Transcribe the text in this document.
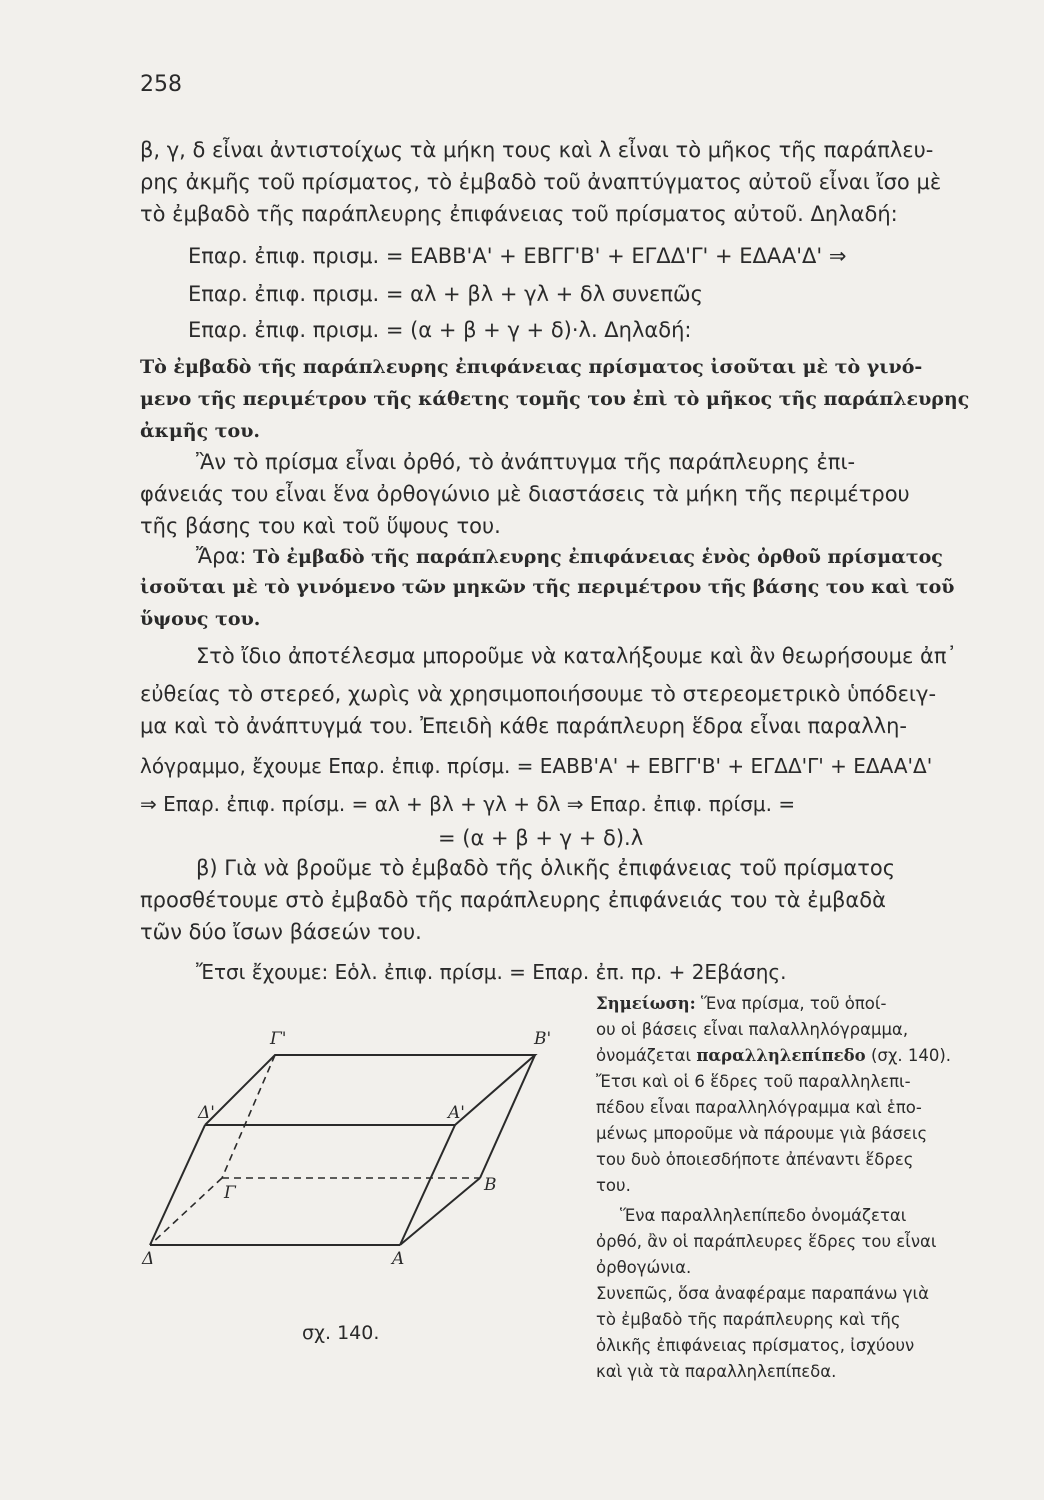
258
β, γ, δ εἶναι ἀντιστοίχως τὰ μήκη τους καὶ λ εἶναι τὸ μῆκος τῆς παράπλευ-
ρης ἀκμῆς τοῦ πρίσματος, τὸ ἐμβαδὸ τοῦ ἀναπτύγματος αὐτοῦ εἶναι ἴσο μὲ
τὸ ἐμβαδὸ τῆς παράπλευρης ἐπιφάνειας τοῦ πρίσματος αὐτοῦ. Δηλαδή:
Eπαρ. ἐπιφ. πρισμ. = EABB'A' + EBΓΓ'B' + EΓΔΔ'Γ' + EΔAA'Δ' ⇒
Eπαρ. ἐπιφ. πρισμ. = αλ + βλ + γλ + δλ συνεπῶς
Eπαρ. ἐπιφ. πρισμ. = (α + β + γ + δ)·λ. Δηλαδή:
Τὸ ἐμβαδὸ τῆς παράπλευρης ἐπιφάνειας πρίσματος ἰσοῦται μὲ τὸ γινό-
μενο τῆς περιμέτρου τῆς κάθετης τομῆς του ἐπὶ τὸ μῆκος τῆς παράπλευρης
ἀκμῆς του.
Ἂν τὸ πρίσμα εἶναι ὀρθό, τὸ ἀνάπτυγμα τῆς παράπλευρης ἐπι-
φάνειάς του εἶναι ἕνα ὀρθογώνιο μὲ διαστάσεις τὰ μήκη τῆς περιμέτρου
τῆς βάσης του καὶ τοῦ ὕψους του.
Ἄρα: Τὸ ἐμβαδὸ τῆς παράπλευρης ἐπιφάνειας ἑνὸς ὀρθοῦ πρίσματος
ἰσοῦται μὲ τὸ γινόμενο τῶν μηκῶν τῆς περιμέτρου τῆς βάσης του καὶ τοῦ
ὕψους του.
Στὸ ἴδιο ἀποτέλεσμα μποροῦμε νὰ καταλήξουμε καὶ ἂν θεωρήσουμε ἀπ᾿
εὐθείας τὸ στερεό, χωρὶς νὰ χρησιμοποιήσουμε τὸ στερεομετρικὸ ὑπόδειγ-
μα καὶ τὸ ἀνάπτυγμά του. Ἐπειδὴ κάθε παράπλευρη ἕδρα εἶναι παραλλη-
λόγραμμο, ἔχουμε Eπαρ. ἐπιφ. πρίσμ. = EABB'A' + EBΓΓ'B' + EΓΔΔ'Γ' + EΔAA'Δ'
⇒ Eπαρ. ἐπιφ. πρίσμ. = αλ + βλ + γλ + δλ ⇒ Eπαρ. ἐπιφ. πρίσμ. =
= (α + β + γ + δ).λ
β) Γιὰ νὰ βροῦμε τὸ ἐμβαδὸ τῆς ὁλικῆς ἐπιφάνειας τοῦ πρίσματος
προσθέτουμε στὸ ἐμβαδὸ τῆς παράπλευρης ἐπιφάνειάς του τὰ ἐμβαδὰ
τῶν δύο ἴσων βάσεών του.
Ἔτσι ἔχουμε: Eὁλ. ἐπιφ. πρίσμ. = Eπαρ. ἐπ. πρ. + 2Eβάσης.
Σημείωση: Ἕνα πρίσμα, τοῦ ὁποί-
ου οἱ βάσεις εἶναι παλαλληλόγραμμα,
ὀνομάζεται παραλληλεπίπεδο (σχ. 140).
Ἔτσι καὶ οἱ 6 ἕδρες τοῦ παραλληλεπι-
πέδου εἶναι παραλληλόγραμμα καὶ ἑπο-
μένως μποροῦμε νὰ πάρουμε γιὰ βάσεις
του δυὸ ὁποιεσδήποτε ἀπέναντι ἕδρες
του.
Ἕνα παραλληλεπίπεδο ὀνομάζεται
ὀρθό, ἂν οἱ παράπλευρες ἕδρες του εἶναι
ὀρθογώνια.
Συνεπῶς, ὅσα ἀναφέραμε παραπάνω γιὰ
τὸ ἐμβαδὸ τῆς παράπλευρης καὶ τῆς
ὁλικῆς ἐπιφάνειας πρίσματος, ἰσχύουν
καὶ γιὰ τὰ παραλληλεπίπεδα.
Γ'	B'
Δ'	A'
Γ	B
Δ	A
σχ. 140.
